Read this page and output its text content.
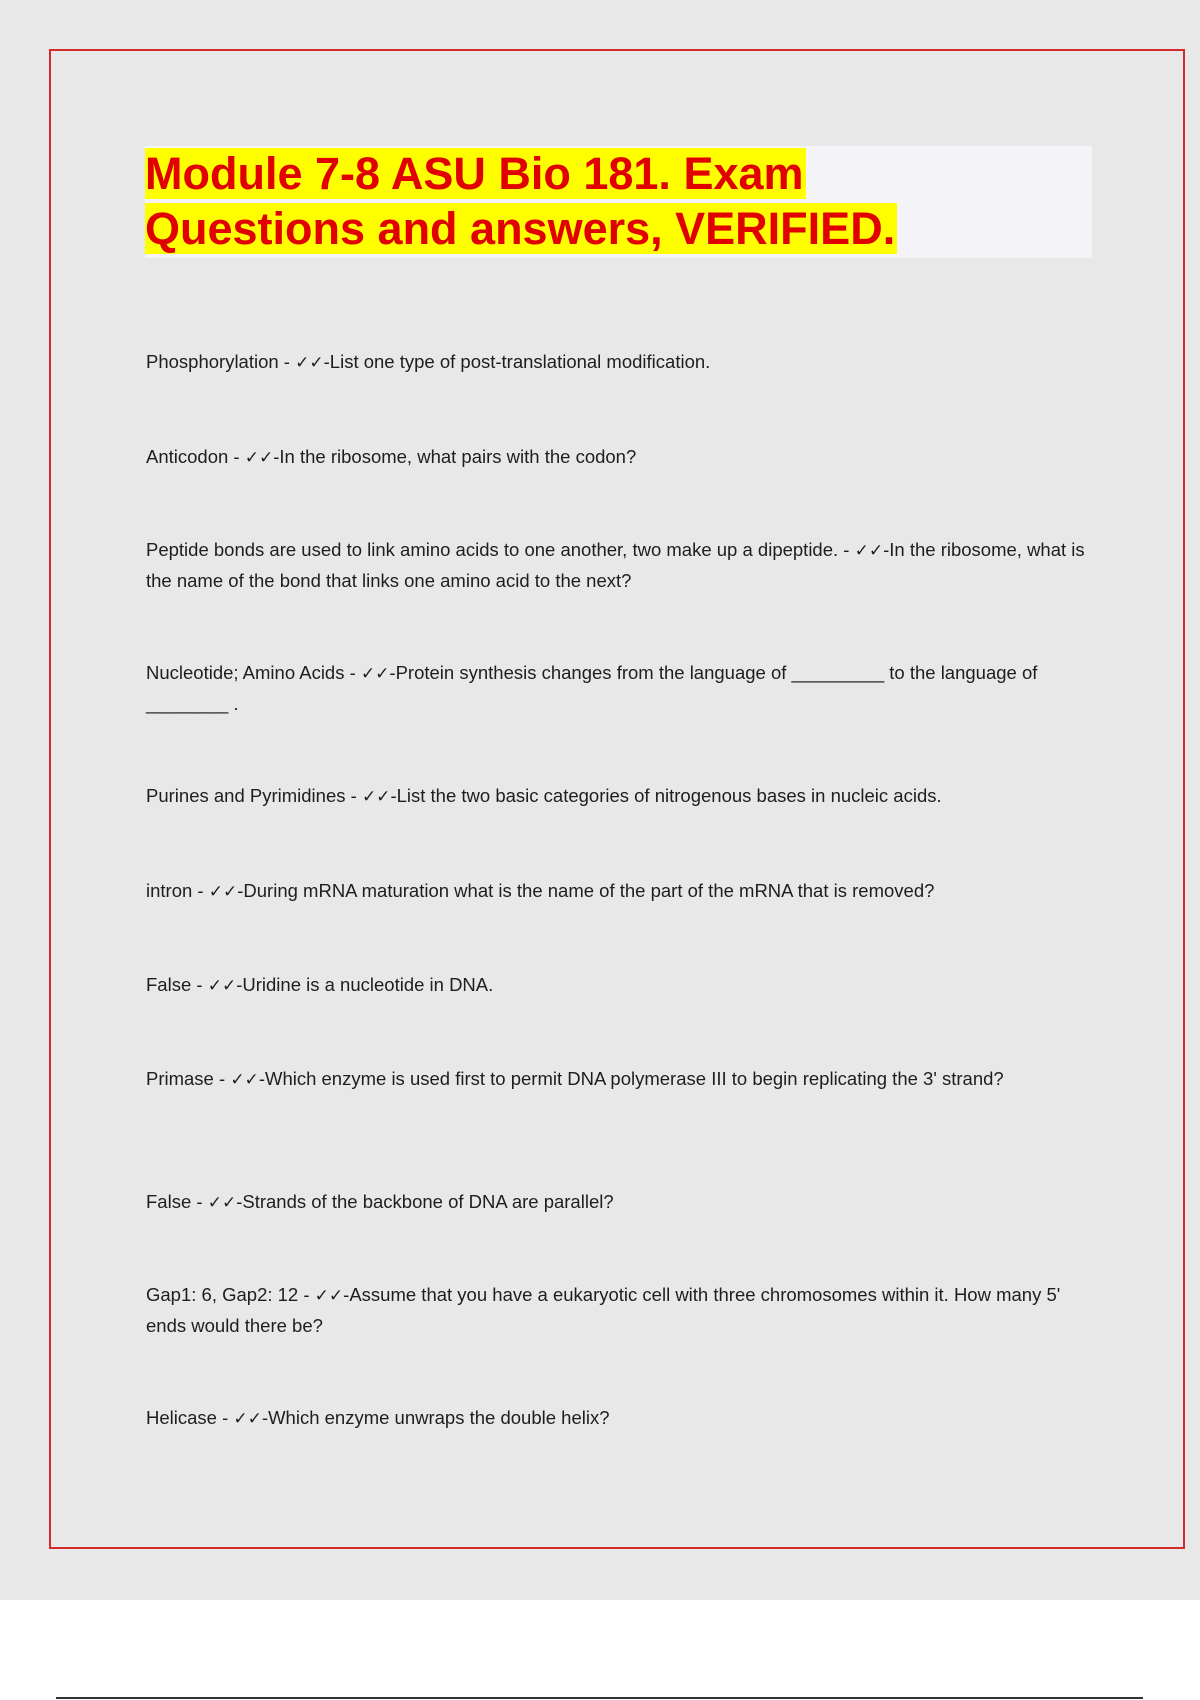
Module 7-8 ASU Bio 181. Exam
Questions and answers, VERIFIED.

Phosphorylation - ✓✓-List one type of post-translational modification.

Anticodon - ✓✓-In the ribosome, what pairs with the codon?

Peptide bonds are used to link amino acids to one another, two make up a dipeptide. - ✓✓-In the ribosome, what is the name of the bond that links one amino acid to the next?

Nucleotide; Amino Acids - ✓✓-Protein synthesis changes from the language of _________ to the language of ________ .

Purines and Pyrimidines - ✓✓-List the two basic categories of nitrogenous bases in nucleic acids.

intron - ✓✓-During mRNA maturation what is the name of the part of the mRNA that is removed?

False - ✓✓-Uridine is a nucleotide in DNA.

Primase - ✓✓-Which enzyme is used first to permit DNA polymerase III to begin replicating the 3' strand?

False - ✓✓-Strands of the backbone of DNA are parallel?

Gap1: 6, Gap2: 12 - ✓✓-Assume that you have a eukaryotic cell with three chromosomes within it. How many 5' ends would there be?

Helicase - ✓✓-Which enzyme unwraps the double helix?
